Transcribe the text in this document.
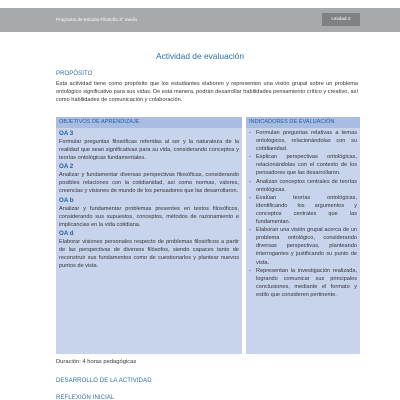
Programa de Estudio Filosofía 3° medio	Unidad 2
Actividad de evaluación
PROPÓSITO

Esta actividad tiene como propósito que los estudiantes elaboren y representen una visión grupal sobre un problema ontológico significativo para sus vidas. De esta manera, podrán desarrollar habilidades pensamiento crítico y creativo, así como habilidades de comunicación y colaboración.

OBJETIVOS DE APRENDIZAJE
OA 3
Formular preguntas filosóficas referidas al ser y la naturaleza de la realidad que sean significativas para su vida, considerando conceptos y teorías ontológicas fundamentales.
OA 2
Analizar y fundamentar diversas perspectivas filosóficas, considerando posibles relaciones con la cotidianidad, así como normas, valores, creencias y visiones de mundo de los pensadores que las desarrollaron.
OA b
Analizar y fundamentar problemas presentes en textos filosóficos, considerando sus supuestos, conceptos, métodos de razonamiento e implicancias en la vida cotidiana.
OA d
Elaborar visiones personales respecto de problemas filosóficos a partir de las perspectivas de diversos filósofos, siendo capaces tanto de reconstruir sus fundamentos como de cuestionarlos y plantear nuevos puntos de vista.
INDICADORES DE EVALUACIÓN
- Formulan preguntas relativas a temas ontológicos, relacionándolas con su cotidianidad.
- Explican perspectivas ontológicas, relacionándolas con el contexto de los pensadores que las desarrollaron.
- Analizan conceptos centrales de teorías ontológicas.
- Evalúan teorías ontológicas, identificando los argumentos y conceptos centrales que las fundamentan.
- Elaboran una visión grupal acerca de un problema ontológico, considerando diversas perspectivas, planteando interrogantes y justificando su punto de vista.
- Representan la investigación realizada, logrando comunicar sus principales conclusiones, mediante el formato y estilo que consideren pertinente.
Duración: 4 horas pedagógicas
DESARROLLO DE LA ACTIVIDAD
REFLEXIÓN INICIAL
